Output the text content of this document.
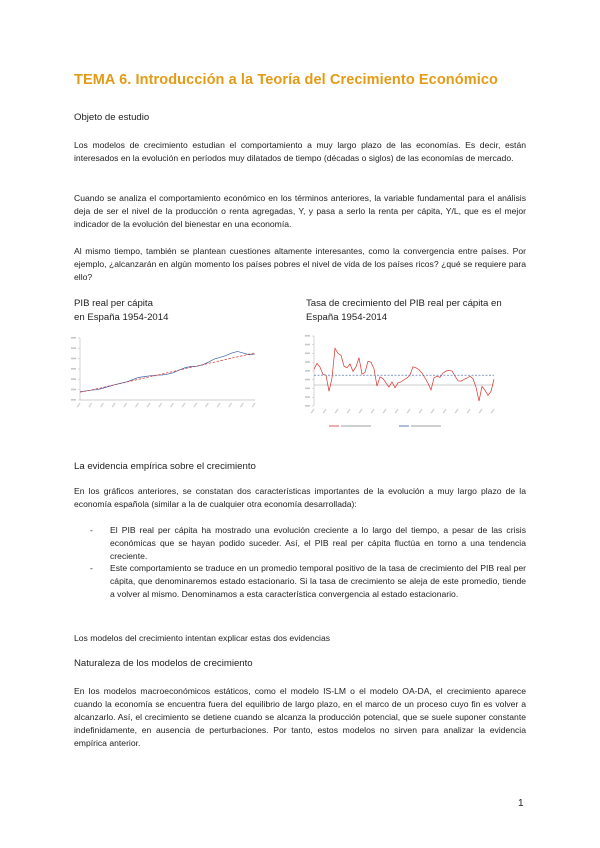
TEMA 6. Introducción a la Teoría del Crecimiento Económico
Objeto de estudio

Los modelos de crecimiento estudian el comportamiento a muy largo plazo de las economías. Es decir, están interesados en la evolución en períodos muy dilatados de tiempo (décadas o siglos) de las economías de mercado.

Cuando se analiza el comportamiento económico en los términos anteriores, la variable fundamental para el análisis deja de ser el nivel de la producción o renta agregadas, Y, y pasa a serlo la renta per cápita, Y/L, que es el mejor indicador de la evolución del bienestar en una economía.

Al mismo tiempo, también se plantean cuestiones altamente interesantes, como la convergencia entre países. Por ejemplo, ¿alcanzarán en algún momento los países pobres el nivel de vida de los países ricos? ¿qué se requiere para ello?

PIB real per cápita
en España 1954-2014
Tasa de crecimiento del PIB real per cápita en
España 1954-2014
La evidencia empírica sobre el crecimiento

En los gráficos anteriores, se constatan dos características importantes de la evolución a muy largo plazo de la economía española (similar a la de cualquier otra economía desarrollada):

- El PIB real per cápita ha mostrado una evolución creciente a lo largo del tiempo, a pesar de las crisis económicas que se hayan podido suceder. Así, el PIB real per cápita fluctúa en torno a una tendencia creciente.
- Este comportamiento se traduce en un promedio temporal positivo de la tasa de crecimiento del PIB real per cápita, que denominaremos estado estacionario. Si la tasa de crecimiento se aleja de este promedio, tiende a volver al mismo. Denominamos a esta característica convergencia al estado estacionario.
Los modelos del crecimiento intentan explicar estas dos evidencias
Naturaleza de los modelos de crecimiento

En los modelos macroeconómicos estáticos, como el modelo IS-LM o el modelo OA-DA, el crecimiento aparece cuando la economía se encuentra fuera del equilibrio de largo plazo, en el marco de un proceso cuyo fin es volver a alcanzarlo. Así, el crecimiento se detiene cuando se alcanza la producción potencial, que se suele suponer constante indefinidamente, en ausencia de perturbaciones. Por tanto, estos modelos no sirven para analizar la evidencia empírica anterior.

1
